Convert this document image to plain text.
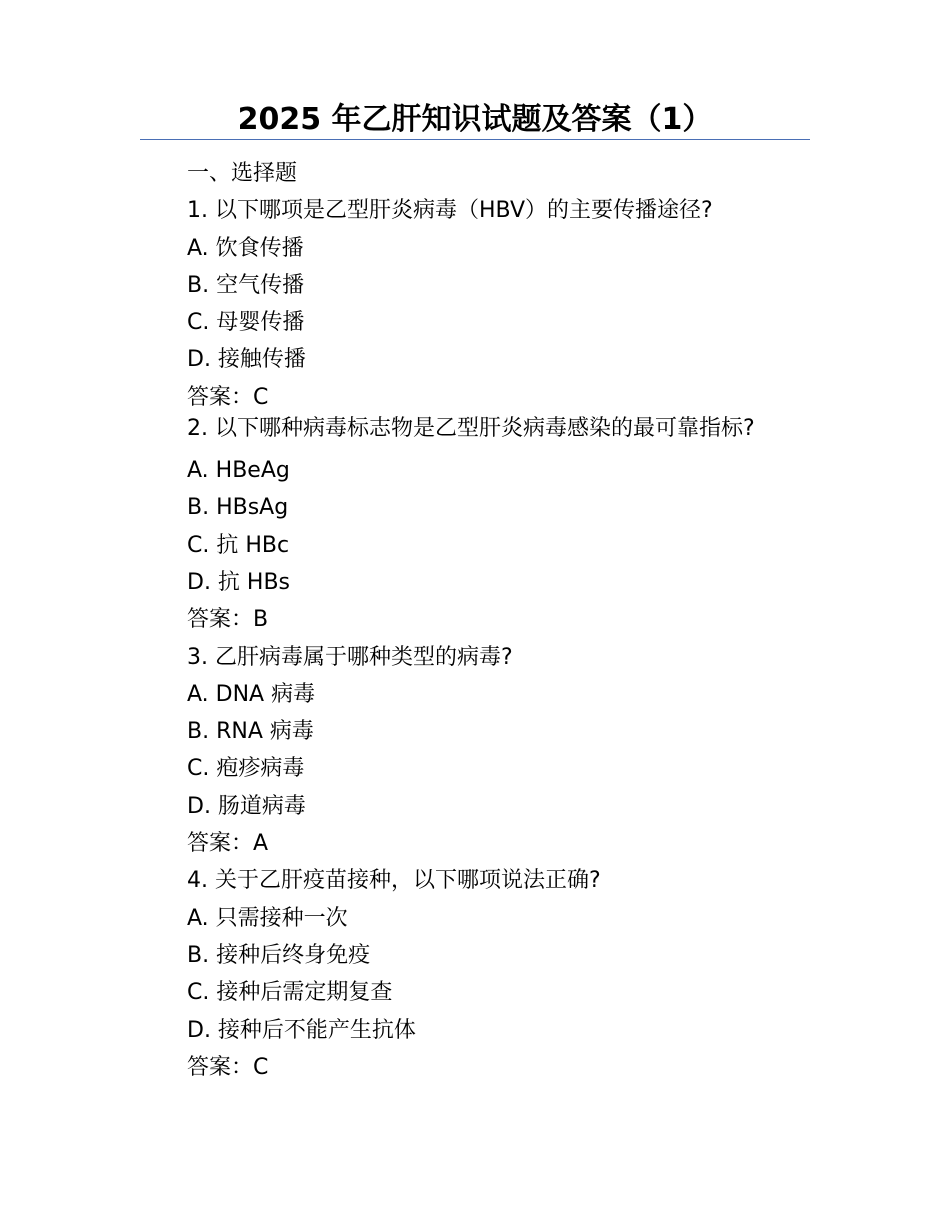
2025 年乙肝知识试题及答案（1）
一、选择题
1. 以下哪项是乙型肝炎病毒（HBV）的主要传播途径?
A. 饮食传播
B. 空气传播
C. 母婴传播
D. 接触传播
答案：C
2. 以下哪种病毒标志物是乙型肝炎病毒感染的最可靠指标?
A. HBeAg
B. HBsAg
C. 抗 HBc
D. 抗 HBs
答案：B
3. 乙肝病毒属于哪种类型的病毒?
A. DNA 病毒
B. RNA 病毒
C. 疱疹病毒
D. 肠道病毒
答案：A
4. 关于乙肝疫苗接种，以下哪项说法正确?
A. 只需接种一次
B. 接种后终身免疫
C. 接种后需定期复查
D. 接种后不能产生抗体
答案：C
